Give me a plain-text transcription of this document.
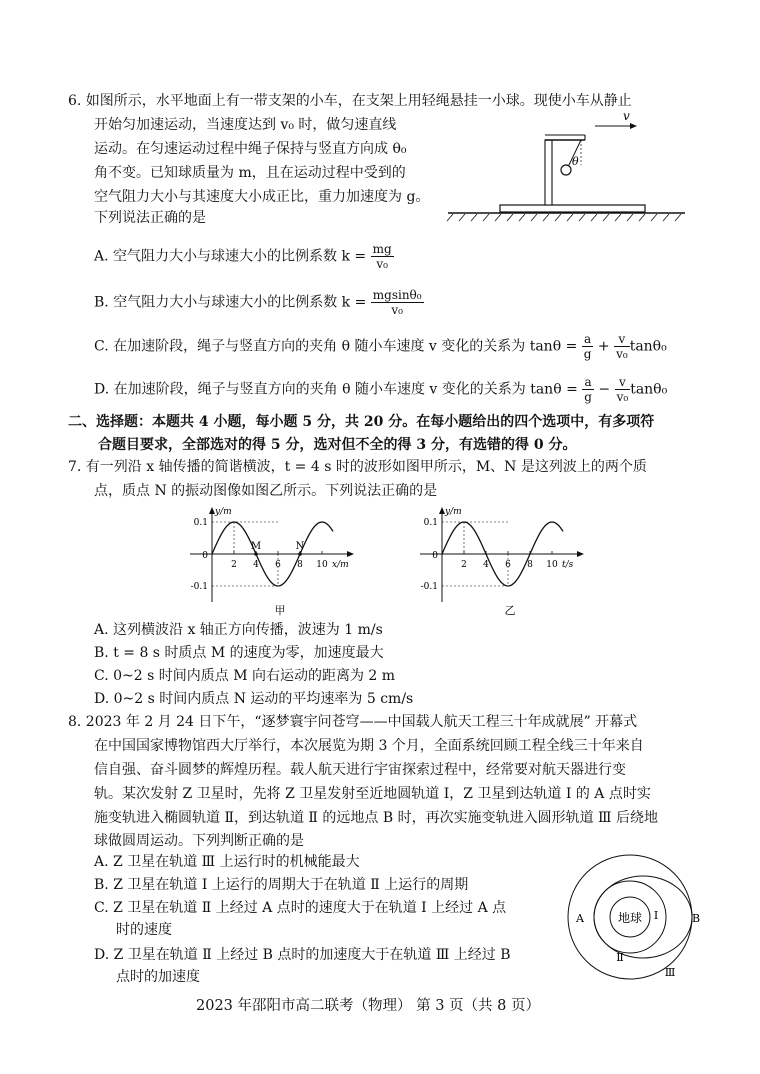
6. 如图所示，水平地面上有一带支架的小车，在支架上用轻绳悬挂一小球。现使小车从静止
开始匀加速运动，当速度达到 v₀ 时，做匀速直线
运动。在匀速运动过程中绳子保持与竖直方向成 θ₀
角不变。已知球质量为 m，且在运动过程中受到的
空气阻力大小与其速度大小成正比，重力加速度为 g。
下列说法正确的是
θ
v
A. 空气阻力大小与球速大小的比例系数 $k = \frac{mg}{\text{v₀}}$
B. 空气阻力大小与球速大小的比例系数 $k = \frac{\text{mgsinθ₀}}{\text{v₀}}$
C. 在加速阶段，绳子与竖直方向的夹角 θ 随小车速度 v 变化的关系为 $\tan\theta = \frac{a}{g} + \frac{v}{\text{v₀}} \tan\theta_0$
D. 在加速阶段，绳子与竖直方向的夹角 θ 随小车速度 v 变化的关系为 $\tan\theta = \frac{a}{g} - \frac{v}{\text{v₀}} \tan\theta_0$
二、选择题：本题共 4 小题，每小题 5 分，共 20 分。在每小题给出的四个选项中，有多项符
合题目要求，全部选对的得 5 分，选对但不全的得 3 分，有选错的得 0 分。
7. 有一列沿 x 轴传播的简谐横波，t = 4 s 时的波形如图甲所示，M、N 是这列波上的两个质
点，质点 N 的振动图像如图乙所示。下列说法正确的是
y/m
x/m
0.1
0
-0.1
2 4 6 8 10
M	N
甲
y/m
t/s
0.1
0
-0.1
2 4 6 8 10
乙
A. 这列横波沿 x 轴正方向传播，波速为 1 m/s
B. t = 8 s 时质点 M 的速度为零，加速度最大
C. 0~2 s 时间内质点 M 向右运动的距离为 2 m
D. 0~2 s 时间内质点 N 运动的平均速率为 5 cm/s
8. 2023 年 2 月 24 日下午，“逐梦寰宇问苍穹——中国载人航天工程三十年成就展” 开幕式
在中国国家博物馆西大厅举行，本次展览为期 3 个月，全面系统回顾工程全线三十年来自
信自强、奋斗圆梦的辉煌历程。载人航天进行宇宙探索过程中，经常要对航天器进行变
轨。某次发射 Z 卫星时，先将 Z 卫星发射至近地圆轨道 Ⅰ，Z 卫星到达轨道 Ⅰ 的 A 点时实
施变轨进入椭圆轨道 Ⅱ，到达轨道 Ⅱ 的远地点 B 时，再次实施变轨进入圆形轨道 Ⅲ 后绕地
球做圆周运动。下列判断正确的是
A. Z 卫星在轨道 Ⅲ 上运行时的机械能最大
B. Z 卫星在轨道 Ⅰ 上运行的周期大于在轨道 Ⅱ 上运行的周期
C. Z 卫星在轨道 Ⅱ 上经过 A 点时的速度大于在轨道 Ⅰ 上经过 A 点
时的速度
D. Z 卫星在轨道 Ⅱ 上经过 B 点时的加速度大于在轨道 Ⅲ 上经过 B
点时的加速度
地球
A	B
Ⅰ
Ⅱ
Ⅲ
2023 年邵阳市高二联考（物理） 第 3 页（共 8 页）
